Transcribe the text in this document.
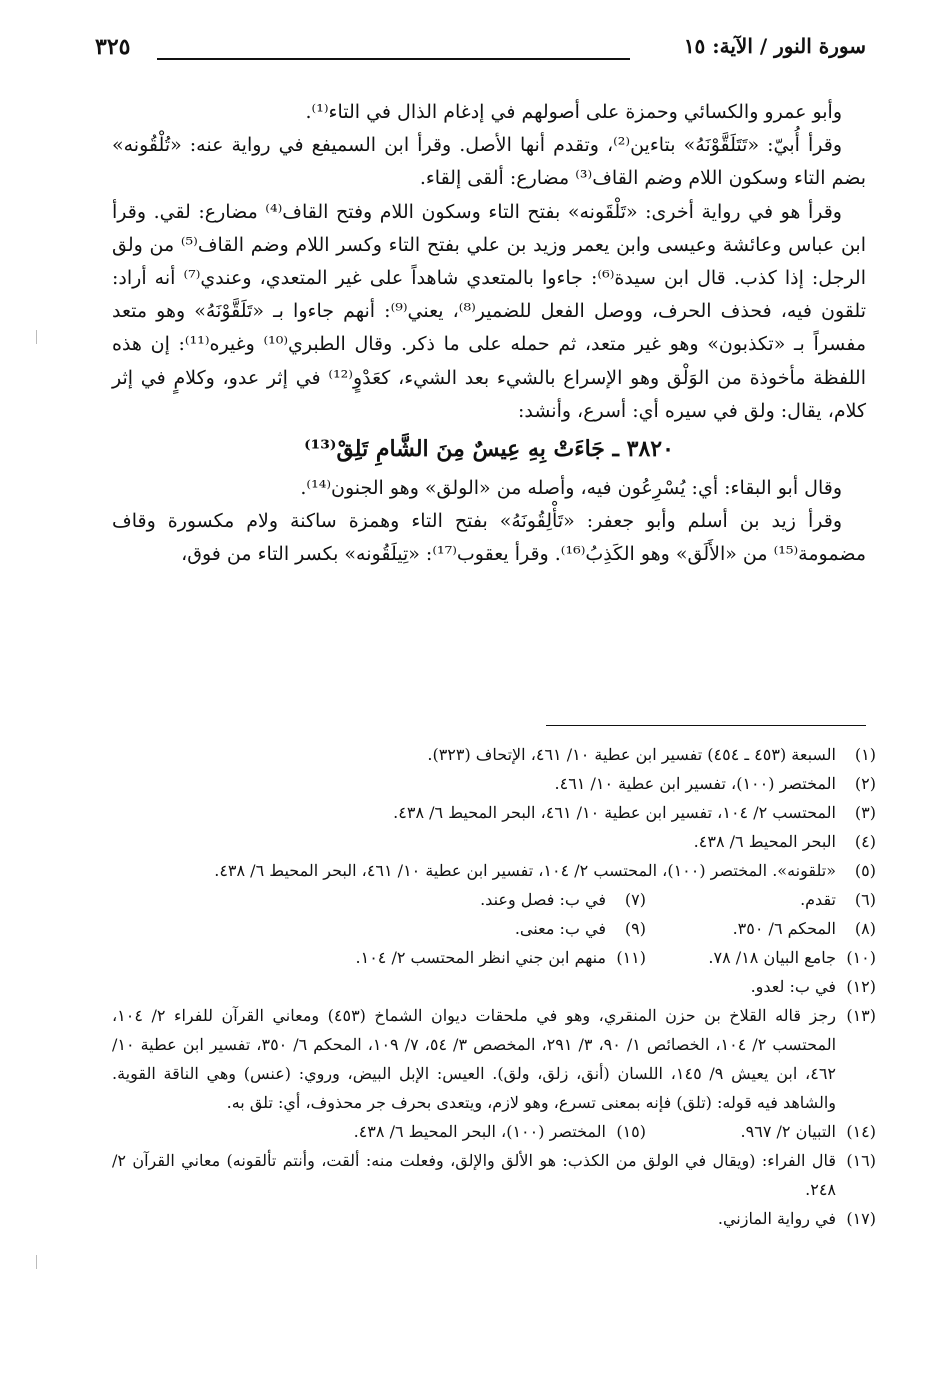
سورة النور / الآية: ١٥
٣٢٥

وأبو عمرو والكسائي وحمزة على أصولهم في إدغام الذال في التاء⁽¹⁾.

وقرأ أُبيّ: «تَتَلَقَّوْنَهُ» بتاءين⁽²⁾، وتقدم أنها الأصل. وقرأ ابن السميفع في رواية عنه: «تُلْقُونه» بضم التاء وسكون اللام وضم القاف⁽³⁾ مضارع: ألقى إلقاء.

وقرأ هو في رواية أخرى: «تَلْقَونه» بفتح التاء وسكون اللام وفتح القاف⁽⁴⁾ مضارع: لقي. وقرأ ابن عباس وعائشة وعيسى وابن يعمر وزيد بن علي بفتح التاء وكسر اللام وضم القاف⁽⁵⁾ من ولق الرجل: إذا كذب. قال ابن سيدة⁽⁶⁾: جاءوا بالمتعدي شاهداً على غير المتعدي، وعندي⁽⁷⁾ أنه أراد: تلقون فيه، فحذف الحرف، ووصل الفعل للضمير⁽⁸⁾، يعني⁽⁹⁾: أنهم جاءوا بـ «تَلَقَّوْنَهُ» وهو متعد مفسراً بـ «تكذبون» وهو غير متعد، ثم حمله على ما ذكر. وقال الطبري⁽¹⁰⁾ وغيره⁽¹¹⁾: إن هذه اللفظة مأخوذة من الوَلْق وهو الإسراع بالشيء بعد الشيء، كعَدْوٍ⁽¹²⁾ في إثر عدو، وكلامٍ في إثر كلام، يقال: ولق في سيره أي: أسرع، وأنشد:

٣٨٢٠ ـ جَاءَتْ بِهِ عِيسٌ مِنَ الشَّامِ تَلِقْ⁽¹³⁾

وقال أبو البقاء: أي: يُسْرِعُون فيه، وأصله من «الولق» وهو الجنون⁽¹⁴⁾.

وقرأ زيد بن أسلم وأبو جعفر: «تَأْلِقُونَهُ» بفتح التاء وهمزة ساكنة ولام مكسورة وقاف مضمومة⁽¹⁵⁾ من «الأَلَق» وهو الكَذِبُ⁽¹⁶⁾. وقرأ يعقوب⁽¹⁷⁾: «تِيلَقُونه» بكسر التاء من فوق،

(١)
السبعة (٤٥٣ ـ ٤٥٤) تفسير ابن عطية ١٠/ ٤٦١، الإتحاف (٣٢٣).

(٢)
المختصر (١٠٠)، تفسير ابن عطية ١٠/ ٤٦١.

(٣)
المحتسب ٢/ ١٠٤، تفسير ابن عطية ١٠/ ٤٦١، البحر المحيط ٦/ ٤٣٨.

(٤)
البحر المحيط ٦/ ٤٣٨.

(٥)
«تلقونه». المختصر (١٠٠)، المحتسب ٢/ ١٠٤، تفسير ابن عطية ١٠/ ٤٦١، البحر المحيط ٦/ ٤٣٨.

(٦)
تقدم.
(٧)
في ب: فصل وعند.
(٨)
المحكم ٦/ ٣٥٠.
(٩)
في ب: معنى.
(١٠)
جامع البيان ١٨/ ٧٨.
(١١)
منهم ابن جني انظر المحتسب ٢/ ١٠٤.

(١٢)
في ب: لعدو.

(١٣)
رجز قاله القلاخ بن حزن المنقري، وهو في ملحقات ديوان الشماخ (٤٥٣) ومعاني القرآن للفراء ٢/ ١٠٤، المحتسب ٢/ ١٠٤، الخصائص ١/ ٩٠، ٣/ ٢٩١، المخصص ٣/ ٥٤، ٧/ ١٠٩، المحكم ٦/ ٣٥٠، تفسير ابن عطية ١٠/ ٤٦٢، ابن يعيش ٩/ ١٤٥، اللسان (أنق، زلق، ولق). العيس: الإبل البيض، وروي: (عنس) وهي الناقة القوية. والشاهد فيه قوله: (تلق) فإنه بمعنى تسرع، وهو لازم، ويتعدى بحرف جر محذوف، أي: تلق به.

(١٤)
التبيان ٢/ ٩٦٧.
(١٥)
المختصر (١٠٠)، البحر المحيط ٦/ ٤٣٨.

(١٦)
قال الفراء: (ويقال في الولق من الكذب: هو الألق والإلق، وفعلت منه: ألقت، وأنتم تألقونه) معاني القرآن ٢/ ٢٤٨.

(١٧)
في رواية المازني.
